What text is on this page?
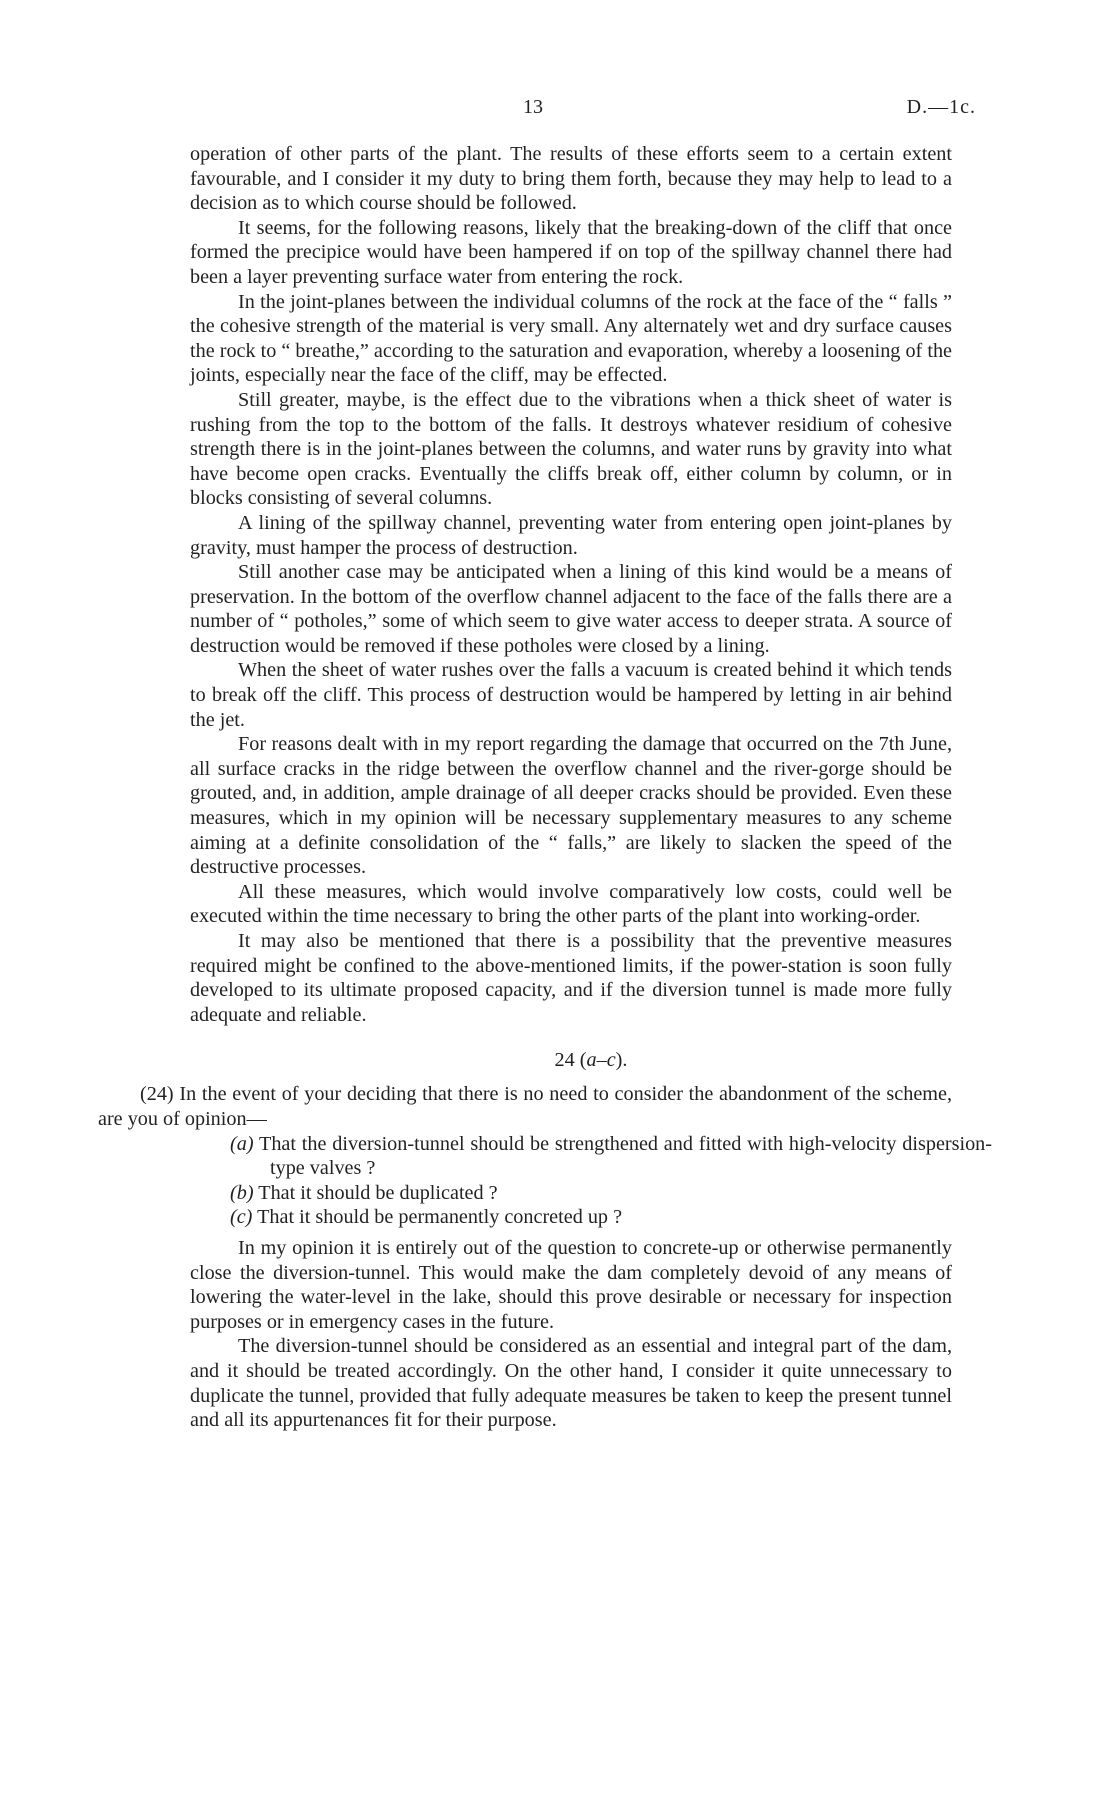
13	D.—1c.

operation of other parts of the plant. The results of these efforts seem to a certain extent favourable, and I consider it my duty to bring them forth, because they may help to lead to a decision as to which course should be followed.

It seems, for the following reasons, likely that the breaking-down of the cliff that once formed the precipice would have been hampered if on top of the spillway channel there had been a layer preventing surface water from entering the rock.

In the joint-planes between the individual columns of the rock at the face of the “ falls ” the cohesive strength of the material is very small. Any alternately wet and dry surface causes the rock to “ breathe,” according to the saturation and evaporation, whereby a loosening of the joints, especially near the face of the cliff, may be effected.

Still greater, maybe, is the effect due to the vibrations when a thick sheet of water is rushing from the top to the bottom of the falls. It destroys whatever residium of cohesive strength there is in the joint-planes between the columns, and water runs by gravity into what have become open cracks. Eventually the cliffs break off, either column by column, or in blocks consisting of several columns.

A lining of the spillway channel, preventing water from entering open joint-planes by gravity, must hamper the process of destruction.

Still another case may be anticipated when a lining of this kind would be a means of preservation. In the bottom of the overflow channel adjacent to the face of the falls there are a number of “ potholes,” some of which seem to give water access to deeper strata. A source of destruction would be removed if these potholes were closed by a lining.

When the sheet of water rushes over the falls a vacuum is created behind it which tends to break off the cliff. This process of destruction would be hampered by letting in air behind the jet.

For reasons dealt with in my report regarding the damage that occurred on the 7th June, all surface cracks in the ridge between the overflow channel and the river-gorge should be grouted, and, in addition, ample drainage of all deeper cracks should be provided. Even these measures, which in my opinion will be necessary supplementary measures to any scheme aiming at a definite consolidation of the “ falls,” are likely to slacken the speed of the destructive processes.

All these measures, which would involve comparatively low costs, could well be executed within the time necessary to bring the other parts of the plant into working-order.

It may also be mentioned that there is a possibility that the preventive measures required might be confined to the above-mentioned limits, if the power-station is soon fully developed to its ultimate proposed capacity, and if the diversion tunnel is made more fully adequate and reliable.

24 (a–c).

(24) In the event of your deciding that there is no need to consider the abandonment of the scheme, are you of opinion—

(a) That the diversion-tunnel should be strengthened and fitted with high-velocity dispersion-type valves ?

(b) That it should be duplicated ?

(c) That it should be permanently concreted up ?

In my opinion it is entirely out of the question to concrete-up or otherwise permanently close the diversion-tunnel. This would make the dam completely devoid of any means of lowering the water-level in the lake, should this prove desirable or necessary for inspection purposes or in emergency cases in the future.

The diversion-tunnel should be considered as an essential and integral part of the dam, and it should be treated accordingly. On the other hand, I consider it quite unnecessary to duplicate the tunnel, provided that fully adequate measures be taken to keep the present tunnel and all its appurtenances fit for their purpose.
